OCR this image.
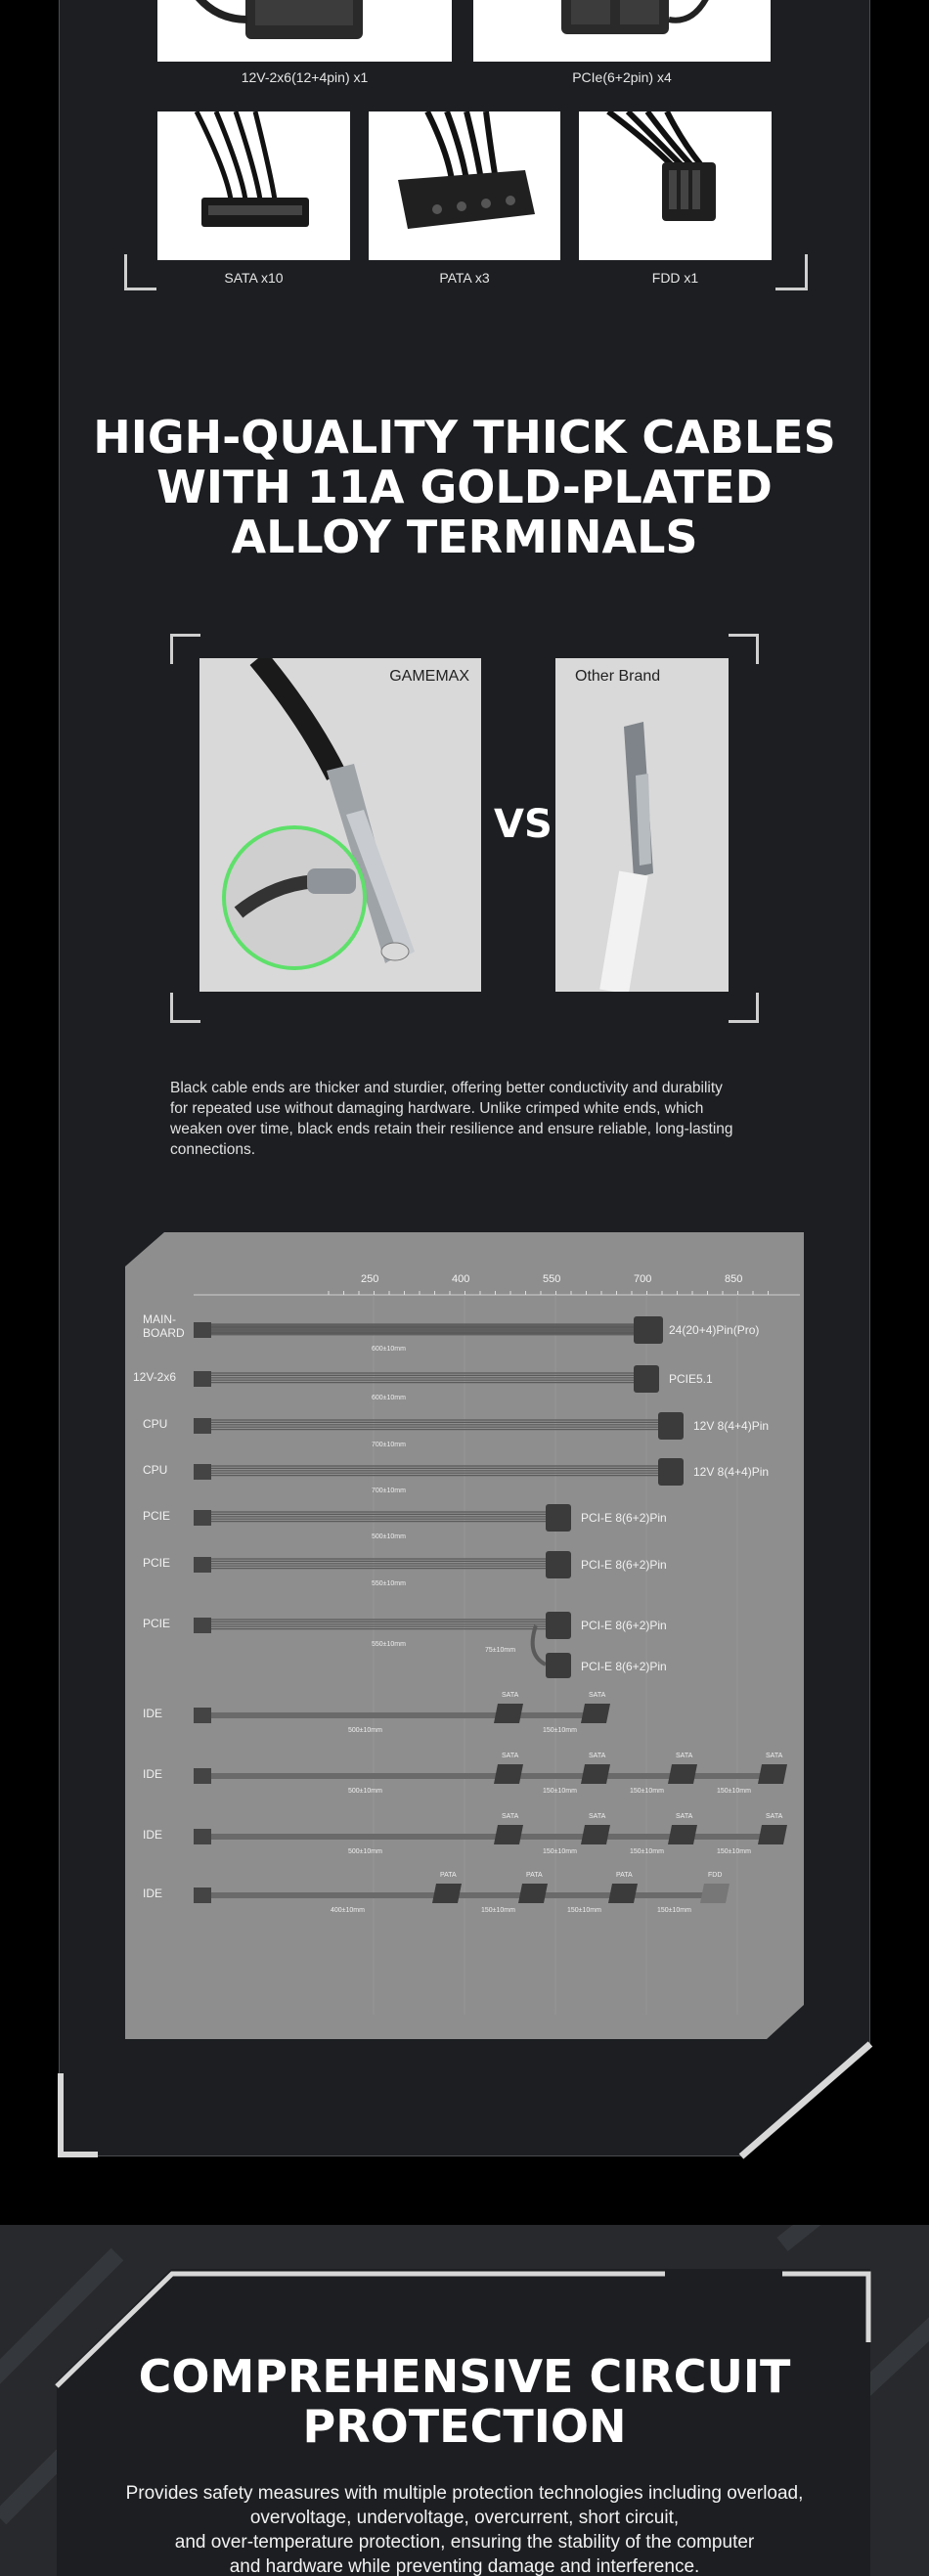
12V-2x6(12+4pin) x1	PCIe(6+2pin) x4
SATA x10	PATA x3	FDD x1
HIGH-QUALITY THICK CABLES
WITH 11A GOLD-PLATED
ALLOY TERMINALS
GAMEMAX
VS
Other Brand
Black cable ends are thicker and sturdier, offering better conductivity and durability
for repeated use without damaging hardware. Unlike crimped white ends, which
weaken over time, black ends retain their resilience and ensure reliable, long-lasting
connections.
250	400	550	700	850
MAIN-
BOARD	24(20+4)Pin(Pro)
600±10mm
12V-2x6	PCIE5.1
600±10mm
CPU	12V 8(4+4)Pin
700±10mm
CPU	12V 8(4+4)Pin
700±10mm
PCIE	PCI-E 8(6+2)Pin
500±10mm
PCIE	PCI-E 8(6+2)Pin
550±10mm
PCIE	PCI-E 8(6+2)Pin
550±10mm
PCI-E 8(6+2)Pin
75±10mm
IDE
SATA	SATA
500±10mm	150±10mm
IDE
SATA	SATA	SATA	SATA
500±10mm	150±10mm	150±10mm	150±10mm
IDE
SATA	SATA	SATA	SATA
500±10mm	150±10mm	150±10mm	150±10mm
IDE
PATA	PATA	PATA	FDD
400±10mm	150±10mm	150±10mm	150±10mm
COMPREHENSIVE CIRCUIT
PROTECTION
Provides safety measures with multiple protection technologies including overload,
overvoltage, undervoltage, overcurrent, short circuit,
and over-temperature protection, ensuring the stability of the computer
and hardware while preventing damage and interference.
